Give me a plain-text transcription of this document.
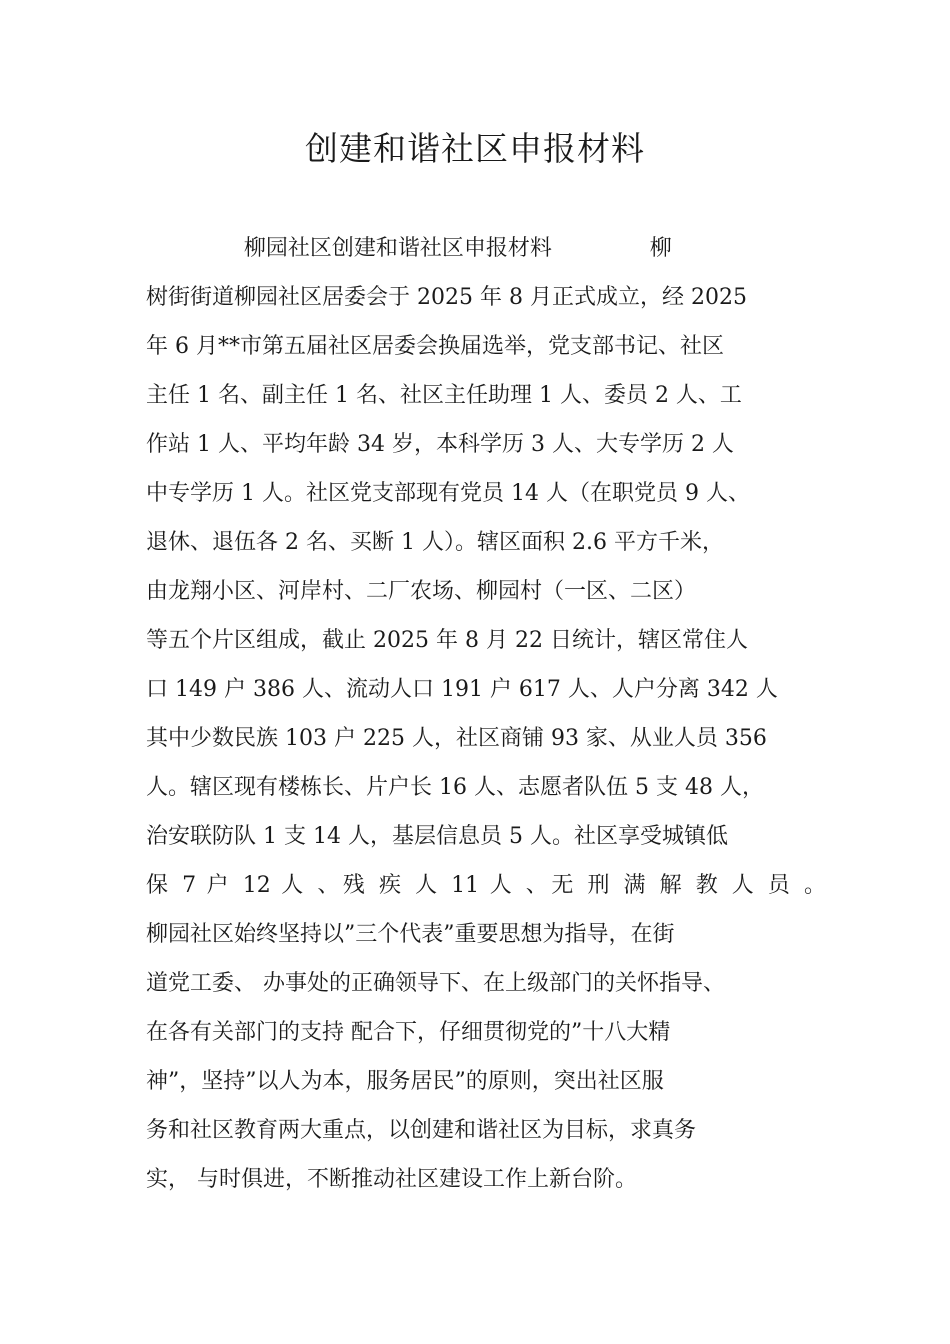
创建和谐社区申报材料
柳园社区创建和谐社区申报材料              柳
树街街道柳园社区居委会于 2025 年 8 月正式成立，经 2025
年 6 月**市第五届社区居委会换届选举，党支部书记、社区
主任 1 名、副主任 1 名、社区主任助理 1 人、委员 2 人、工
作站 1 人、平均年龄 34 岁，本科学历 3 人、大专学历 2 人
中专学历 1 人。社区党支部现有党员 14 人（在职党员 9 人、
退休、退伍各 2 名、买断 1 人）。辖区面积 2.6 平方千米，
由龙翔小区、河岸村、二厂农场、柳园村（一区、二区）
等五个片区组成，截止 2025 年 8 月 22 日统计，辖区常住人
口 149 户 386 人、流动人口 191 户 617 人、人户分离 342 人
其中少数民族 103 户 225 人，社区商铺 93 家、从业人员 356
人。辖区现有楼栋长、片户长 16 人、志愿者队伍 5 支 48 人，
治安联防队 1 支 14 人，基层信息员 5 人。社区享受城镇低
保 7 户 12 人 、残 疾 人 11 人 、无 刑 满 解 教 人 员 。
柳园社区始终坚持以”三个代表”重要思想为指导，在街
道党工委、 办事处的正确领导下、在上级部门的关怀指导、
在各有关部门的支持 配合下，仔细贯彻党的”十八大精
神”，坚持”以人为本，服务居民”的原则，突出社区服
务和社区教育两大重点，以创建和谐社区为目标，求真务
实， 与时俱进，不断推动社区建设工作上新台阶。
